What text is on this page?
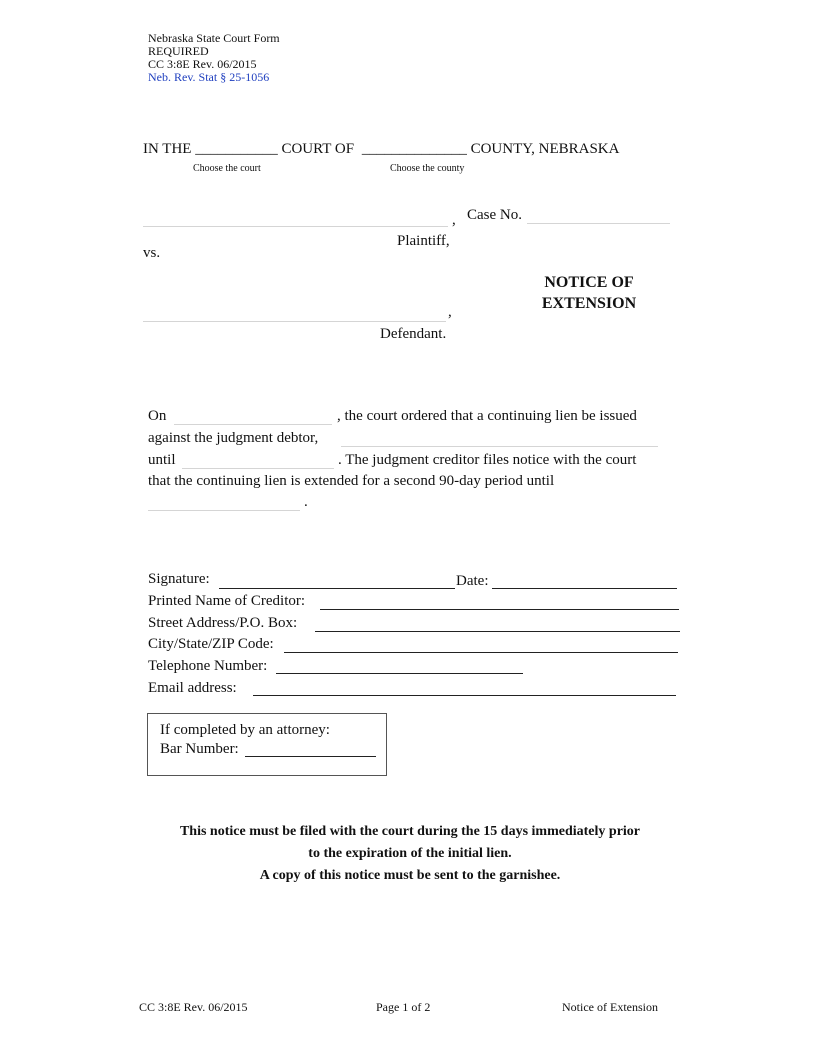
Nebraska State Court Form
REQUIRED
CC 3:8E Rev. 06/2015
Neb. Rev. Stat § 25-1056
IN THE ___________ COURT OF ______________ COUNTY, NEBRASKA
Choose the court	Choose the county
, Case No.
Plaintiff,
vs.
NOTICE OF
EXTENSION
,
Defendant.
On	, the court ordered that a continuing lien be issued
against the judgment debtor,
until	. The judgment creditor files notice with the court
that the continuing lien is extended for a second 90-day period until
.
Signature:	Date:
Printed Name of Creditor:
Street Address/P.O. Box:
City/State/ZIP Code:
Telephone Number:
Email address:
If completed by an attorney:
Bar Number:
This notice must be filed with the court during the 15 days immediately prior
to the expiration of the initial lien.
A copy of this notice must be sent to the garnishee.
CC 3:8E Rev. 06/2015	Page 1 of 2	Notice of Extension
